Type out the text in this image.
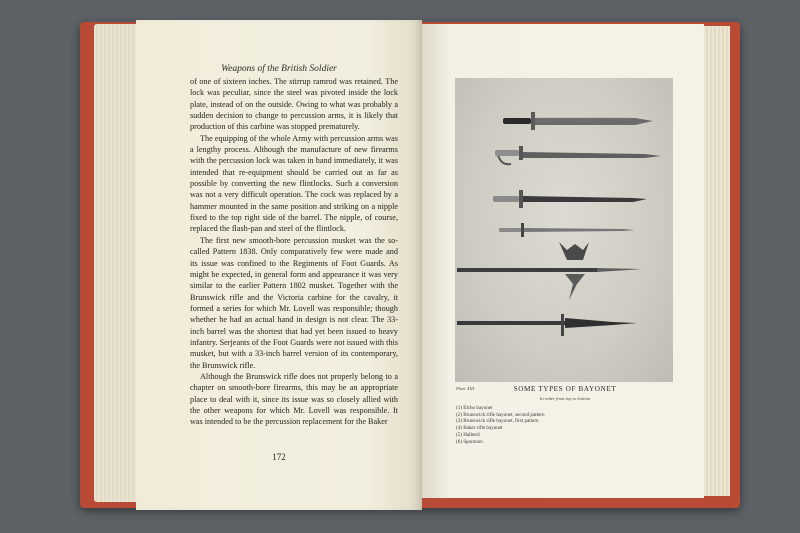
Weapons of the British Soldier
172

of one of sixteen inches. The stirrup ramrod was retained. The lock was peculiar, since the steel was pivoted inside the lock plate, instead of on the outside. Owing to what was probably a sudden decision to change to percussion arms, it is likely that production of this carbine was stopped prematurely.

The equipping of the whole Army with percussion arms was a lengthy process. Although the manufacture of new firearms with the percussion lock was taken in hand immediately, it was intended that re-equipment should be carried out as far as possible by converting the new flintlocks. Such a conversion was not a very difficult operation. The cock was replaced by a hammer mounted in the same position and striking on a nipple fixed to the top right side of the barrel. The nipple, of course, replaced the flash-pan and steel of the flintlock.

The first new smooth-bore percussion musket was the so-called Pattern 1838. Only comparatively few were made and its issue was confined to the Regiments of Foot Guards. As might be expected, in general form and appearance it was very similar to the earlier Pattern 1802 musket. Together with the Brunswick rifle and the Victoria carbine for the cavalry, it formed a series for which Mr. Lovell was responsible; though whether he had an actual hand in design is not clear. The 33-inch barrel was the shortest that had yet been issued to heavy infantry. Serjeants of the Foot Guards were not issued with this musket, but with a 33-inch barrel version of its contemporary, the Brunswick rifle.

Although the Brunswick rifle does not properly belong to a chapter on smooth-bore firearms, this may be an appropriate place to deal with it, since its issue was so closely allied with the other weapons for which Mr. Lovell was responsible. It was intended to be the percussion replacement for the Baker

Plate XIII	SOME TYPES OF BAYONET
In order from top to bottom
(1) Elcho bayonet
(2) Brunswick rifle bayonet, second pattern
(3) Brunswick rifle bayonet, first pattern
(4) Baker rifle bayonet
(5) Halberd
(6) Spontoon
